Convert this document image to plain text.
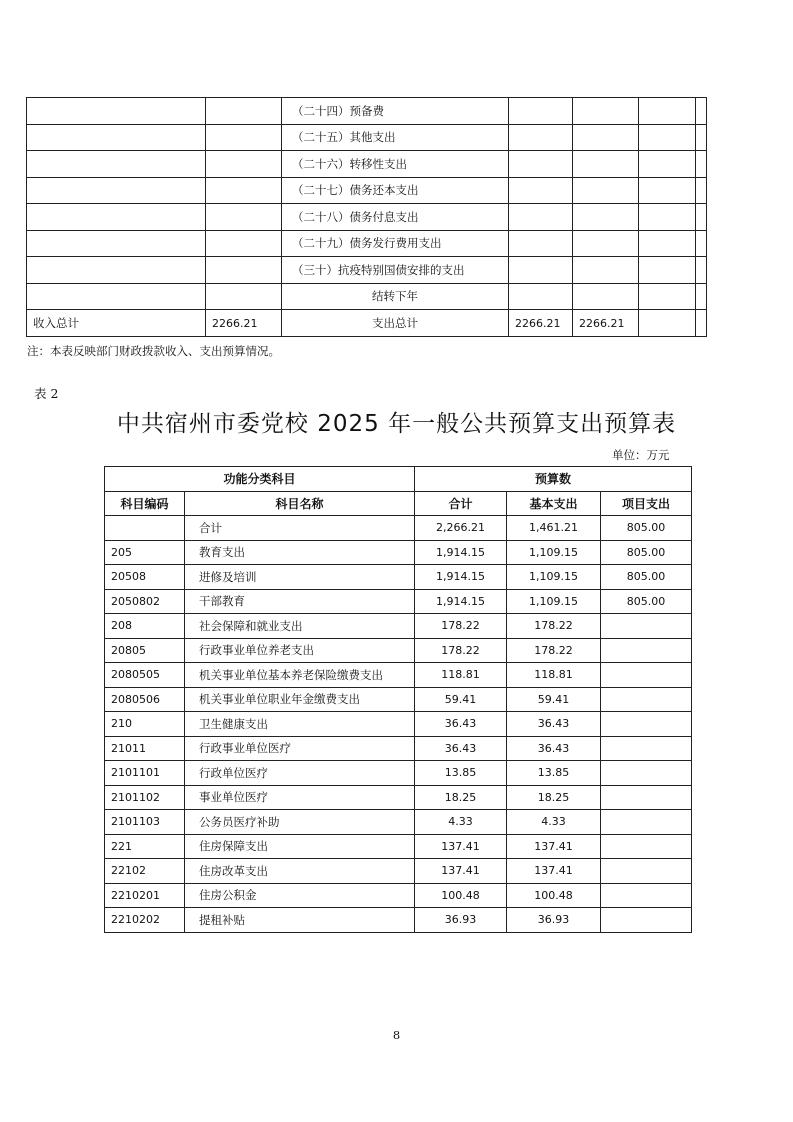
		（二十四）预备费				
		（二十五）其他支出				
		（二十六）转移性支出				
		（二十七）债务还本支出				
		（二十八）债务付息支出				
		（二十九）债务发行费用支出				
		（三十）抗疫特别国债安排的支出				
		结转下年				
收入总计	2266.21	支出总计	2266.21	2266.21		
注：本表反映部门财政拨款收入、支出预算情况。
表 2
中共宿州市委党校 2025 年一般公共预算支出预算表
单位：万元
功能分类科目		预算数		
科目编码	科目名称	合计	基本支出	项目支出
	合计	2,266.21	1,461.21	805.00
205	教育支出	1,914.15	1,109.15	805.00
20508	进修及培训	1,914.15	1,109.15	805.00
2050802	干部教育	1,914.15	1,109.15	805.00
208	社会保障和就业支出	178.22	178.22	
20805	行政事业单位养老支出	178.22	178.22	
2080505	机关事业单位基本养老保险缴费支出	118.81	118.81	
2080506	机关事业单位职业年金缴费支出	59.41	59.41	
210	卫生健康支出	36.43	36.43	
21011	行政事业单位医疗	36.43	36.43	
2101101	行政单位医疗	13.85	13.85	
2101102	事业单位医疗	18.25	18.25	
2101103	公务员医疗补助	4.33	4.33	
221	住房保障支出	137.41	137.41	
22102	住房改革支出	137.41	137.41	
2210201	住房公积金	100.48	100.48	
2210202	提租补贴	36.93	36.93	
8
